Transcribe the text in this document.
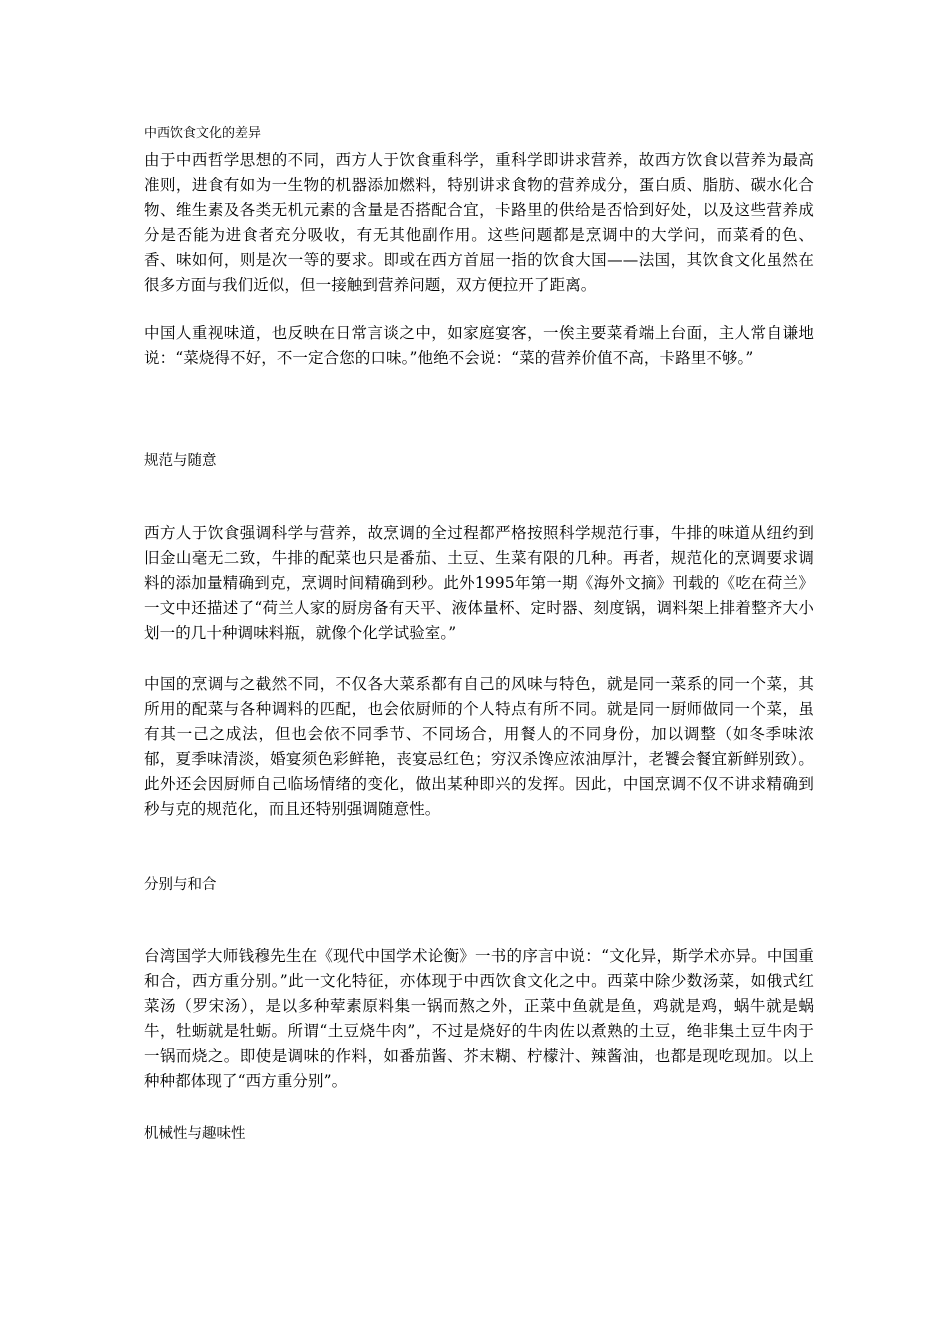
中西饮食文化的差异

由于中西哲学思想的不同，西方人于饮食重科学，重科学即讲求营养，故西方饮食以营养为最高准则，进食有如为一生物的机器添加燃料，特别讲求食物的营养成分，蛋白质、脂肪、碳水化合物、维生素及各类无机元素的含量是否搭配合宜，卡路里的供给是否恰到好处，以及这些营养成分是否能为进食者充分吸收，有无其他副作用。这些问题都是烹调中的大学问，而菜肴的色、香、味如何，则是次一等的要求。即或在西方首屈一指的饮食大国——法国，其饮食文化虽然在很多方面与我们近似，但一接触到营养问题，双方便拉开了距离。

中国人重视味道，也反映在日常言谈之中，如家庭宴客，一俟主要菜肴端上台面，主人常自谦地说：“菜烧得不好，不一定合您的口味。”他绝不会说：“菜的营养价值不高，卡路里不够。”

规范与随意

西方人于饮食强调科学与营养，故烹调的全过程都严格按照科学规范行事，牛排的味道从纽约到旧金山毫无二致，牛排的配菜也只是番茄、土豆、生菜有限的几种。再者，规范化的烹调要求调料的添加量精确到克，烹调时间精确到秒。此外1995年第一期《海外文摘》刊载的《吃在荷兰》一文中还描述了“荷兰人家的厨房备有天平、液体量杯、定时器、刻度锅，调料架上排着整齐大小划一的几十种调味料瓶，就像个化学试验室。”

中国的烹调与之截然不同，不仅各大菜系都有自己的风味与特色，就是同一菜系的同一个菜，其所用的配菜与各种调料的匹配，也会依厨师的个人特点有所不同。就是同一厨师做同一个菜，虽有其一己之成法，但也会依不同季节、不同场合，用餐人的不同身份，加以调整（如冬季味浓郁，夏季味清淡，婚宴须色彩鲜艳，丧宴忌红色；穷汉杀馋应浓油厚汁，老饕会餐宜新鲜别致）。此外还会因厨师自己临场情绪的变化，做出某种即兴的发挥。因此，中国烹调不仅不讲求精确到秒与克的规范化，而且还特别强调随意性。

分别与和合

台湾国学大师钱穆先生在《现代中国学术论衡》一书的序言中说：“文化异，斯学术亦异。中国重和合，西方重分别。”此一文化特征，亦体现于中西饮食文化之中。西菜中除少数汤菜，如俄式红菜汤（罗宋汤），是以多种荤素原料集一锅而熬之外，正菜中鱼就是鱼，鸡就是鸡，蜗牛就是蜗牛，牡蛎就是牡蛎。所谓“土豆烧牛肉”，不过是烧好的牛肉佐以煮熟的土豆，绝非集土豆牛肉于一锅而烧之。即使是调味的作料，如番茄酱、芥末糊、柠檬汁、辣酱油，也都是现吃现加。以上种种都体现了“西方重分别”。

机械性与趣味性
